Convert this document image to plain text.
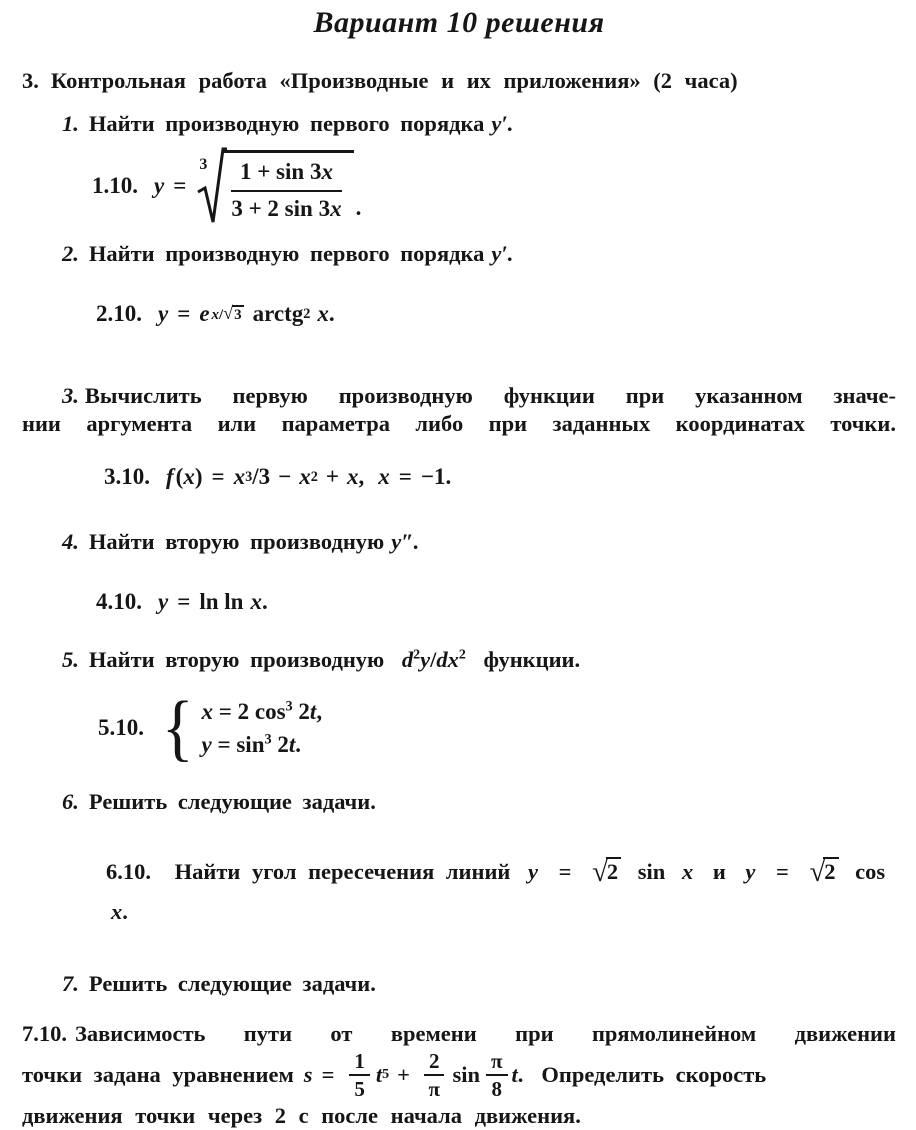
Вариант 10 решения
3. Контрольная работа «Производные и их приложения» (2 часа)
1. Найти производную первого порядка y′.
1.10. y =
$3 \frac{1 + \sin 3x}{3 + 2 \sin 3x}$ .
2. Найти производную первого порядка y′.
2.10. y = e x/√3 arctg 2 x .
3. Вычислить первую производную функции при указанном значе-
нии аргумента или параметра либо при заданных координатах точки.
3.10. f ( x ) = x 3 /3 − x 2 + x , x = −1 .
4. Найти вторую производную y″.
4.10. y = ln ln x .
5. Найти вторую производную $d^2y/dx^2$ функции.
5.10. { x = 2 $\cos^3 2t$,
$y = \sin^3 2t$.
6. Решить следующие задачи.
6.10. Найти угол пересечения линий y = √2 sin x и y = √2 cos x.
7. Решить следующие задачи.
7.10. Зависимость пути от времени при прямолинейном движении
точки задана уравнением $s = \frac{1}{5}$ t $5 + \frac{2}{\pi}$ $\sin \frac{\pi}{8}$ t . Определить скорость
движения точки через 2 с после начала движения.
